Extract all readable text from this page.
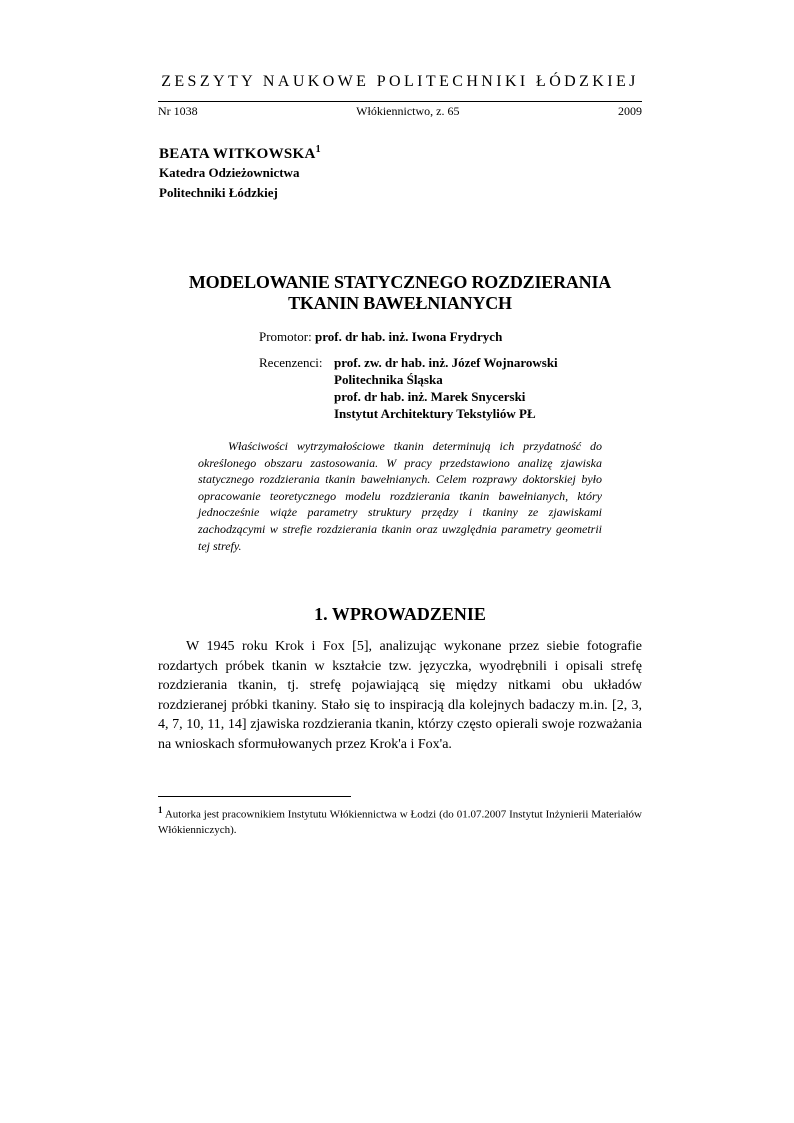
ZESZYTY NAUKOWE POLITECHNIKI ŁÓDZKIEJ
Nr 1038	Włókiennictwo, z. 65	2009
BEATA WITKOWSKA$^1$
Katedra Odzieżownictwa
Politechniki Łódzkiej
MODELOWANIE STATYCZNEGO ROZDZIERANIA
TKANIN BAWEŁNIANYCH
Promotor: prof. dr hab. inż. Iwona Frydrych
Recenzenci: prof. zw. dr hab. inż. Józef Wojnarowski
Politechnika Śląska
prof. dr hab. inż. Marek Snycerski
Instytut Architektury Tekstyliów PŁ
Właściwości wytrzymałościowe tkanin determinują ich przydatność do określonego obszaru zastosowania. W pracy przedstawiono analizę zjawiska statycznego rozdzierania tkanin bawełnianych. Celem rozprawy doktorskiej było opracowanie teoretycznego modelu rozdzierania tkanin bawełnianych, który jednocześnie wiąże parametry struktury przędzy i tkaniny ze zjawiskami zachodzącymi w strefie rozdzierania tkanin oraz uwzględnia parametry geometrii tej strefy.
1. WPROWADZENIE
W 1945 roku Krok i Fox [5], analizując wykonane przez siebie fotografie rozdartych próbek tkanin w kształcie tzw. języczka, wyodrębnili i opisali strefę rozdzierania tkanin, tj. strefę pojawiającą się między nitkami obu układów rozdzieranej próbki tkaniny. Stało się to inspiracją dla kolejnych badaczy m.in. [2, 3, 4, 7, 10, 11, 14] zjawiska rozdzierania tkanin, którzy często opierali swoje rozważania na wnioskach sformułowanych przez Krok'a i Fox'a.
$^1$ Autorka jest pracownikiem Instytutu Włókiennictwa w Łodzi (do 01.07.2007 Instytut Inżynierii Materiałów Włókienniczych).
